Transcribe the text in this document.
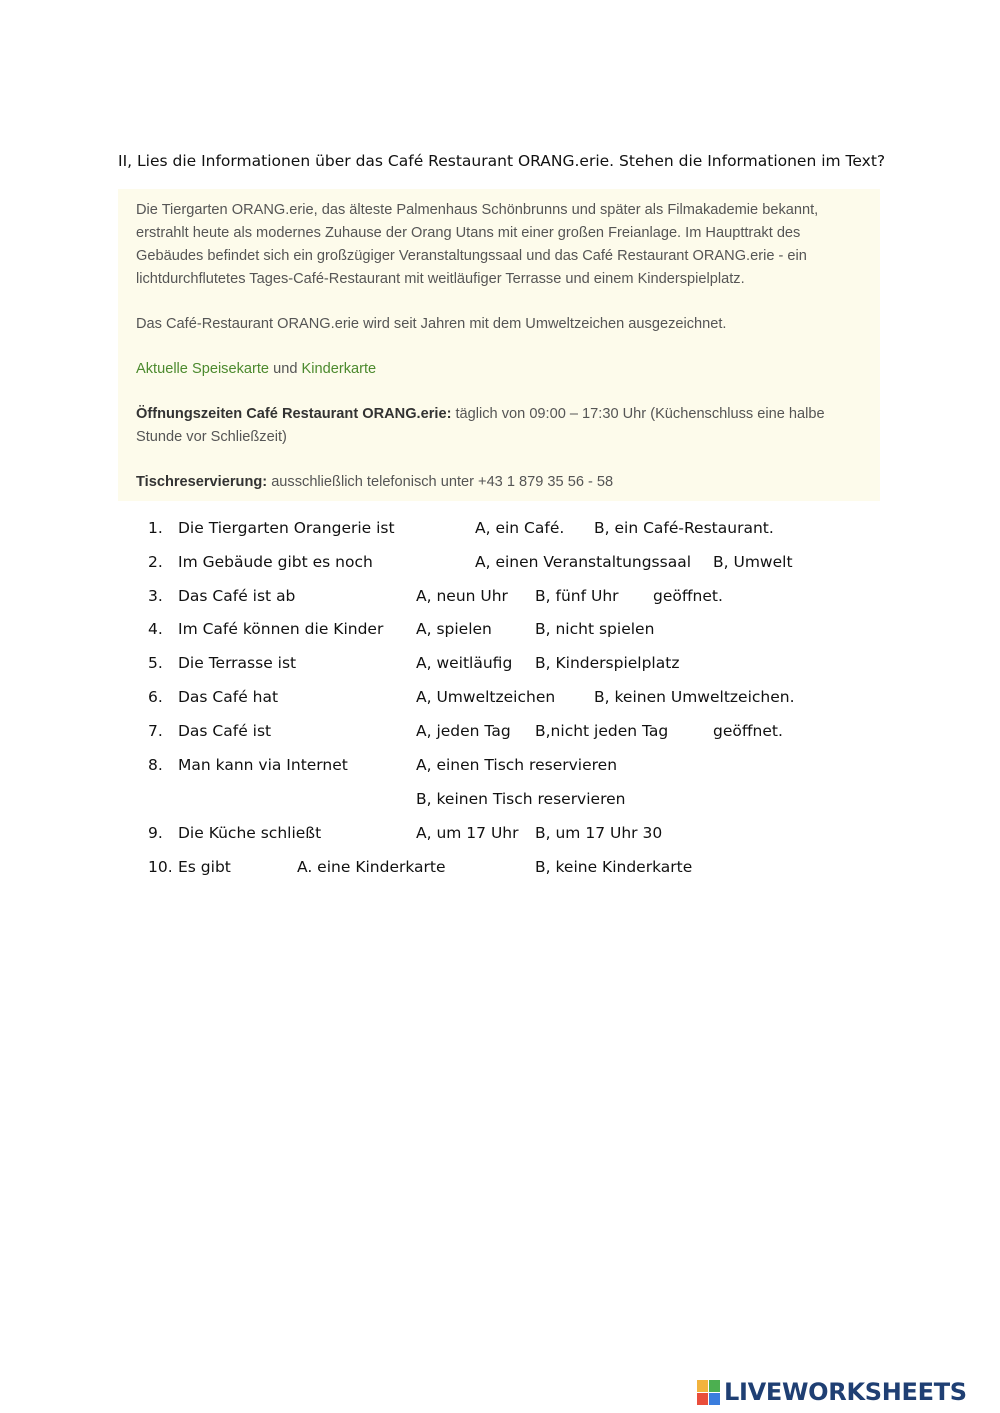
II, Lies die Informationen über das Café Restaurant ORANG.erie. Stehen die Informationen im Text?

Die Tiergarten ORANG.erie, das älteste Palmenhaus Schönbrunns und später als Filmakademie bekannt, erstrahlt heute als modernes Zuhause der Orang Utans mit einer großen Freianlage. Im Haupttrakt des Gebäudes befindet sich ein großzügiger Veranstaltungssaal und das Café Restaurant ORANG.erie - ein lichtdurchflutetes Tages-Café-Restaurant mit weitläufiger Terrasse und einem Kinderspielplatz.

Das Café-Restaurant ORANG.erie wird seit Jahren mit dem Umweltzeichen ausgezeichnet.

Aktuelle Speisekarte und Kinderkarte

Öffnungszeiten Café Restaurant ORANG.erie: täglich von 09:00 – 17:30 Uhr (Küchenschluss eine halbe Stunde vor Schließzeit)

Tischreservierung: ausschließlich telefonisch unter +43 1 879 35 56 - 58

1. Die Tiergarten Orangerie ist	A, ein Café. B, ein Café-Restaurant.
2. Im Gebäude gibt es noch	A, einen Veranstaltungssaal B, Umwelt
3. Das Café ist ab	A, neun Uhr B, fünf Uhr geöffnet.
4. Im Café können die Kinder A, spielen	B, nicht spielen
5. Die Terrasse ist	A, weitläufig B, Kinderspielplatz
6. Das Café hat	A, Umweltzeichen	B, keinen Umweltzeichen.
7. Das Café ist	A, jeden Tag B,nicht jeden Tag	geöffnet.
8. Man kann via Internet	A, einen Tisch reservieren
B, keinen Tisch reservieren
9. Die Küche schließt	A, um 17 Uhr B, um 17 Uhr 30
10. Es gibt	A. eine Kinderkarte	B, keine Kinderkarte
LIVEWORKSHEETS
